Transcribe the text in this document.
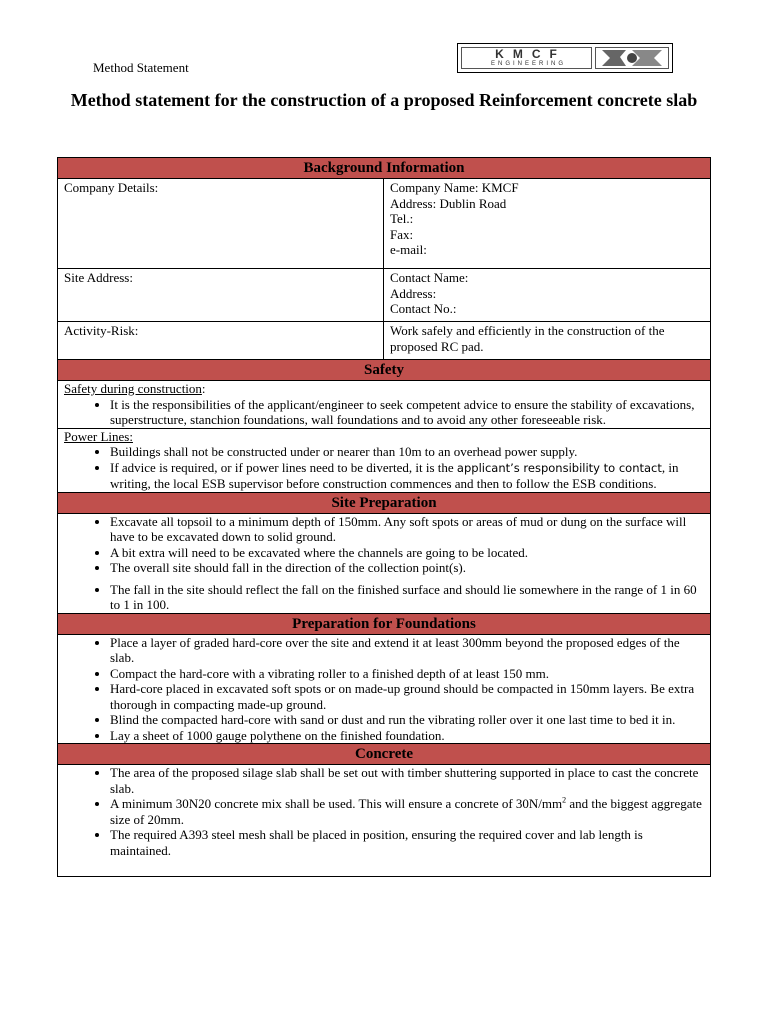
Method Statement
KMCF
ENGINEERING
Method statement for the construction of a proposed Reinforcement concrete slab
Background Information
Company Details:	Company Name: KMCF
Address: Dublin Road
Tel.:
Fax:
e-mail:
Site Address:	Contact Name:
Address:
Contact No.:
Activity-Risk:	Work safely and efficiently in the construction of the proposed RC pad.
Safety
Safety during construction:
• It is the responsibilities of the applicant/engineer to seek competent advice to ensure the stability of excavations, superstructure, stanchion foundations, wall foundations and to avoid any other foreseeable risk.
Power Lines:
• Buildings shall not be constructed under or nearer than 10m to an overhead power supply.
• If advice is required, or if power lines need to be diverted, it is the applicant’s responsibility to contact, in writing, the local ESB supervisor before construction commences and then to follow the ESB conditions.
Site Preparation
• Excavate all topsoil to a minimum depth of 150mm. Any soft spots or areas of mud or dung on the surface will have to be excavated down to solid ground.
• A bit extra will need to be excavated where the channels are going to be located.
• The overall site should fall in the direction of the collection point(s).
• The fall in the site should reflect the fall on the finished surface and should lie somewhere in the range of 1 in 60 to 1 in 100.
Preparation for Foundations
• Place a layer of graded hard-core over the site and extend it at least 300mm beyond the proposed edges of the slab.
• Compact the hard-core with a vibrating roller to a finished depth of at least 150 mm.
• Hard-core placed in excavated soft spots or on made-up ground should be compacted in 150mm layers. Be extra thorough in compacting made-up ground.
• Blind the compacted hard-core with sand or dust and run the vibrating roller over it one last time to bed it in.
• Lay a sheet of 1000 gauge polythene on the finished foundation.
Concrete
• The area of the proposed silage slab shall be set out with timber shuttering supported in place to cast the concrete slab.
• A minimum 30N20 concrete mix shall be used. This will ensure a concrete of $30N/mm^2$ and the biggest aggregate size of 20mm.
• The required A393 steel mesh shall be placed in position, ensuring the required cover and lab length is maintained.
